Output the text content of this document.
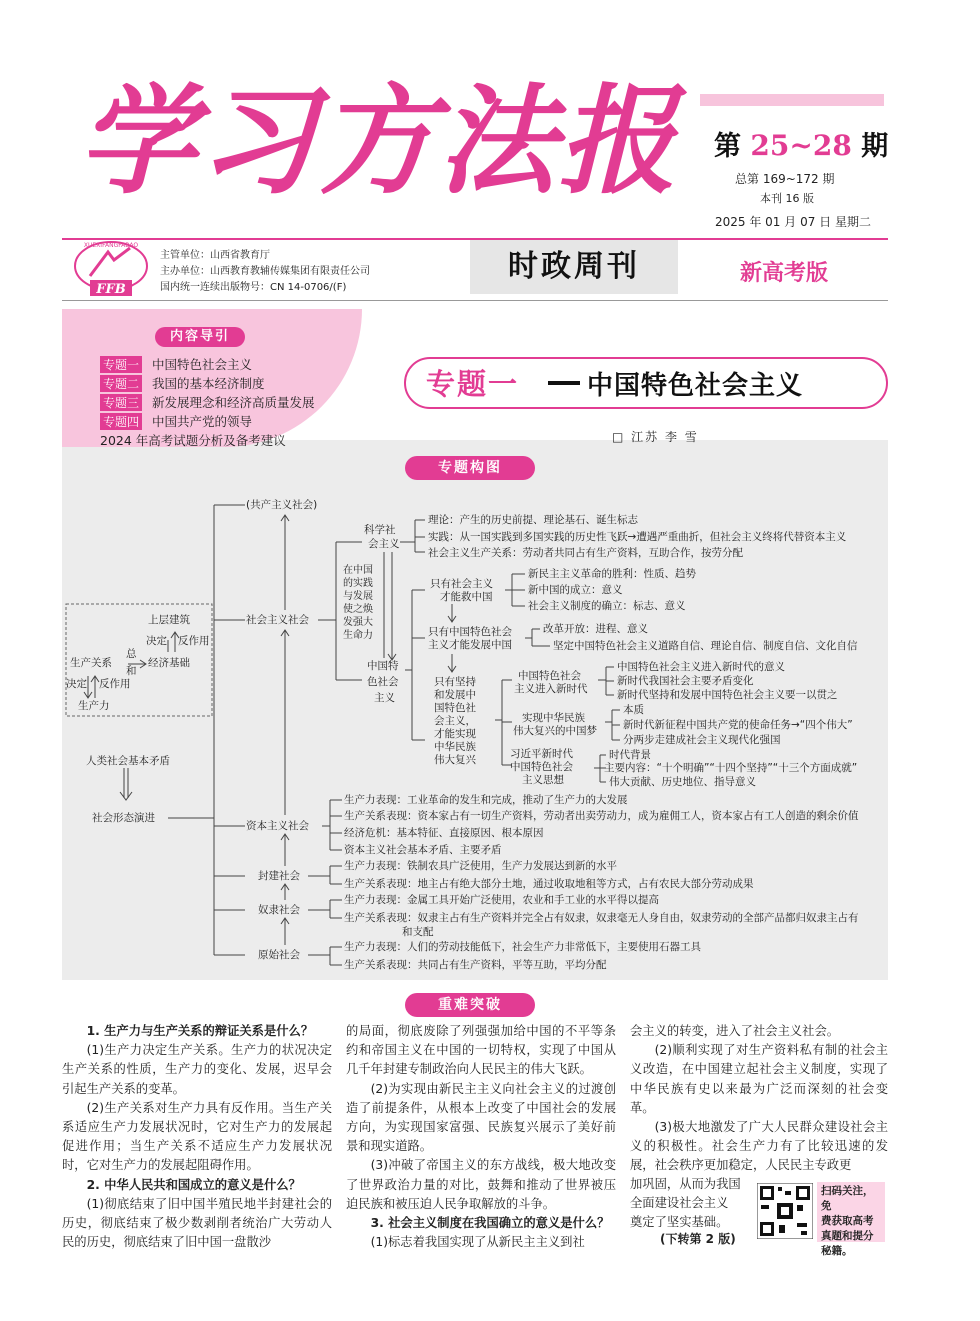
学习方法报 第 25~28 期
总第 169~172 期
本刊 16 版
2025 年 01 月 07 日 星期二
FFB
XUEXIFANGFABAO
主管单位：山西省教育厅
主办单位：山西教育教辅传媒集团有限责任公司
国内统一连续出版物号：CN 14-0706/(F)
时政周刊	新高考版
内容导引
专题一 中国特色社会主义
专题二 我国的基本经济制度
专题三 新发展理念和经济高质量发展
专题四 中国共产党的领导
2024 年高考试题分析及备考建议
专题一	中国特色社会主义
□ 江苏 李 雪
专题构图
(共产主义社会)
社会主义社会
资本主义社会
封建社会
奴隶社会
原始社会
社会形态演进
人类社会基本矛盾
上层建筑
决定 反作用
生产关系
总
和
经济基础
决定 反作用
生产力
科学社
会主义
中国特
色社会
主义
在中国
的实践
与发展
使之焕
发强大
生命力
理论：产生的历史前提、理论基石、诞生标志
实践：从一国实践到多国实践的历史性飞跃→遭遇严重曲折，但社会主义终将代替资本主义
社会主义生产关系：劳动者共同占有生产资料，互助合作，按劳分配
只有社会主义
才能救中国
新民主主义革命的胜利：性质、趋势
新中国的成立：意义
社会主义制度的确立：标志、意义
只有中国特色社会
主义才能发展中国
改革开放：进程、意义
坚定中国特色社会主义道路自信、理论自信、制度自信、文化自信
只有坚持
和发展中
国特色社
会主义，
才能实现
中华民族
伟大复兴
中国特色社会
主义进入新时代
中国特色社会主义进入新时代的意义
新时代我国社会主要矛盾变化
新时代坚持和发展中国特色社会主义要一以贯之
实现中华民族
伟大复兴的中国梦
本质
新时代新征程中国共产党的使命任务→“四个伟大”
分两步走建成社会主义现代化强国
习近平新时代
中国特色社会
主义思想
时代背景
主要内容：“十个明确”“十四个坚持”“十三个方面成就”
伟大贡献、历史地位、指导意义
生产力表现：工业革命的发生和完成，推动了生产力的大发展
生产关系表现：资本家占有一切生产资料，劳动者出卖劳动力，成为雇佣工人，资本家占有工人创造的剩余价值
经济危机：基本特征、直接原因、根本原因
资本主义社会基本矛盾、主要矛盾
生产力表现：铁制农具广泛使用，生产力发展达到新的水平
生产关系表现：地主占有绝大部分土地，通过收取地租等方式，占有农民大部分劳动成果
生产力表现：金属工具开始广泛使用，农业和手工业的水平得以提高
生产关系表现：奴隶主占有生产资料并完全占有奴隶，奴隶毫无人身自由，奴隶劳动的全部产品都归奴隶主占有
和支配
生产力表现：人们的劳动技能低下，社会生产力非常低下，主要使用石器工具
生产关系表现：共同占有生产资料，平等互助，平均分配
重难突破

1. 生产力与生产关系的辩证关系是什么？

(1)生产力决定生产关系。生产力的状况决定生产关系的性质，生产力的变化、发展，迟早会引起生产关系的变革。

(2)生产关系对生产力具有反作用。当生产关系适应生产力发展状况时，它对生产力的发展起促进作用；当生产关系不适应生产力发展状况时，它对生产力的发展起阻碍作用。

2. 中华人民共和国成立的意义是什么？

(1)彻底结束了旧中国半殖民地半封建社会的历史，彻底结束了极少数剥削者统治广大劳动人民的历史，彻底结束了旧中国一盘散沙

的局面，彻底废除了列强强加给中国的不平等条约和帝国主义在中国的一切特权，实现了中国从几千年封建专制政治向人民民主的伟大飞跃。

(2)为实现由新民主主义向社会主义的过渡创造了前提条件，从根本上改变了中国社会的发展方向，为实现国家富强、民族复兴展示了美好前景和现实道路。

(3)冲破了帝国主义的东方战线，极大地改变了世界政治力量的对比，鼓舞和推动了世界被压迫民族和被压迫人民争取解放的斗争。

3. 社会主义制度在我国确立的意义是什么？

(1)标志着我国实现了从新民主主义到社

会主义的转变，进入了社会主义社会。

(2)顺利实现了对生产资料私有制的社会主义改造，在中国建立起社会主义制度，实现了中华民族有史以来最为广泛而深刻的社会变革。

(3)极大地激发了广大人民群众建设社会主义的积极性。社会生产力有了比较迅速的发展，社会秩序更加稳定，人民民主专政更

加巩固，从而为我国
全面建设社会主义
奠定了坚实基础。
(下转第 2 版)
扫码关注，免
费获取高考
真题和提分
秘籍。
